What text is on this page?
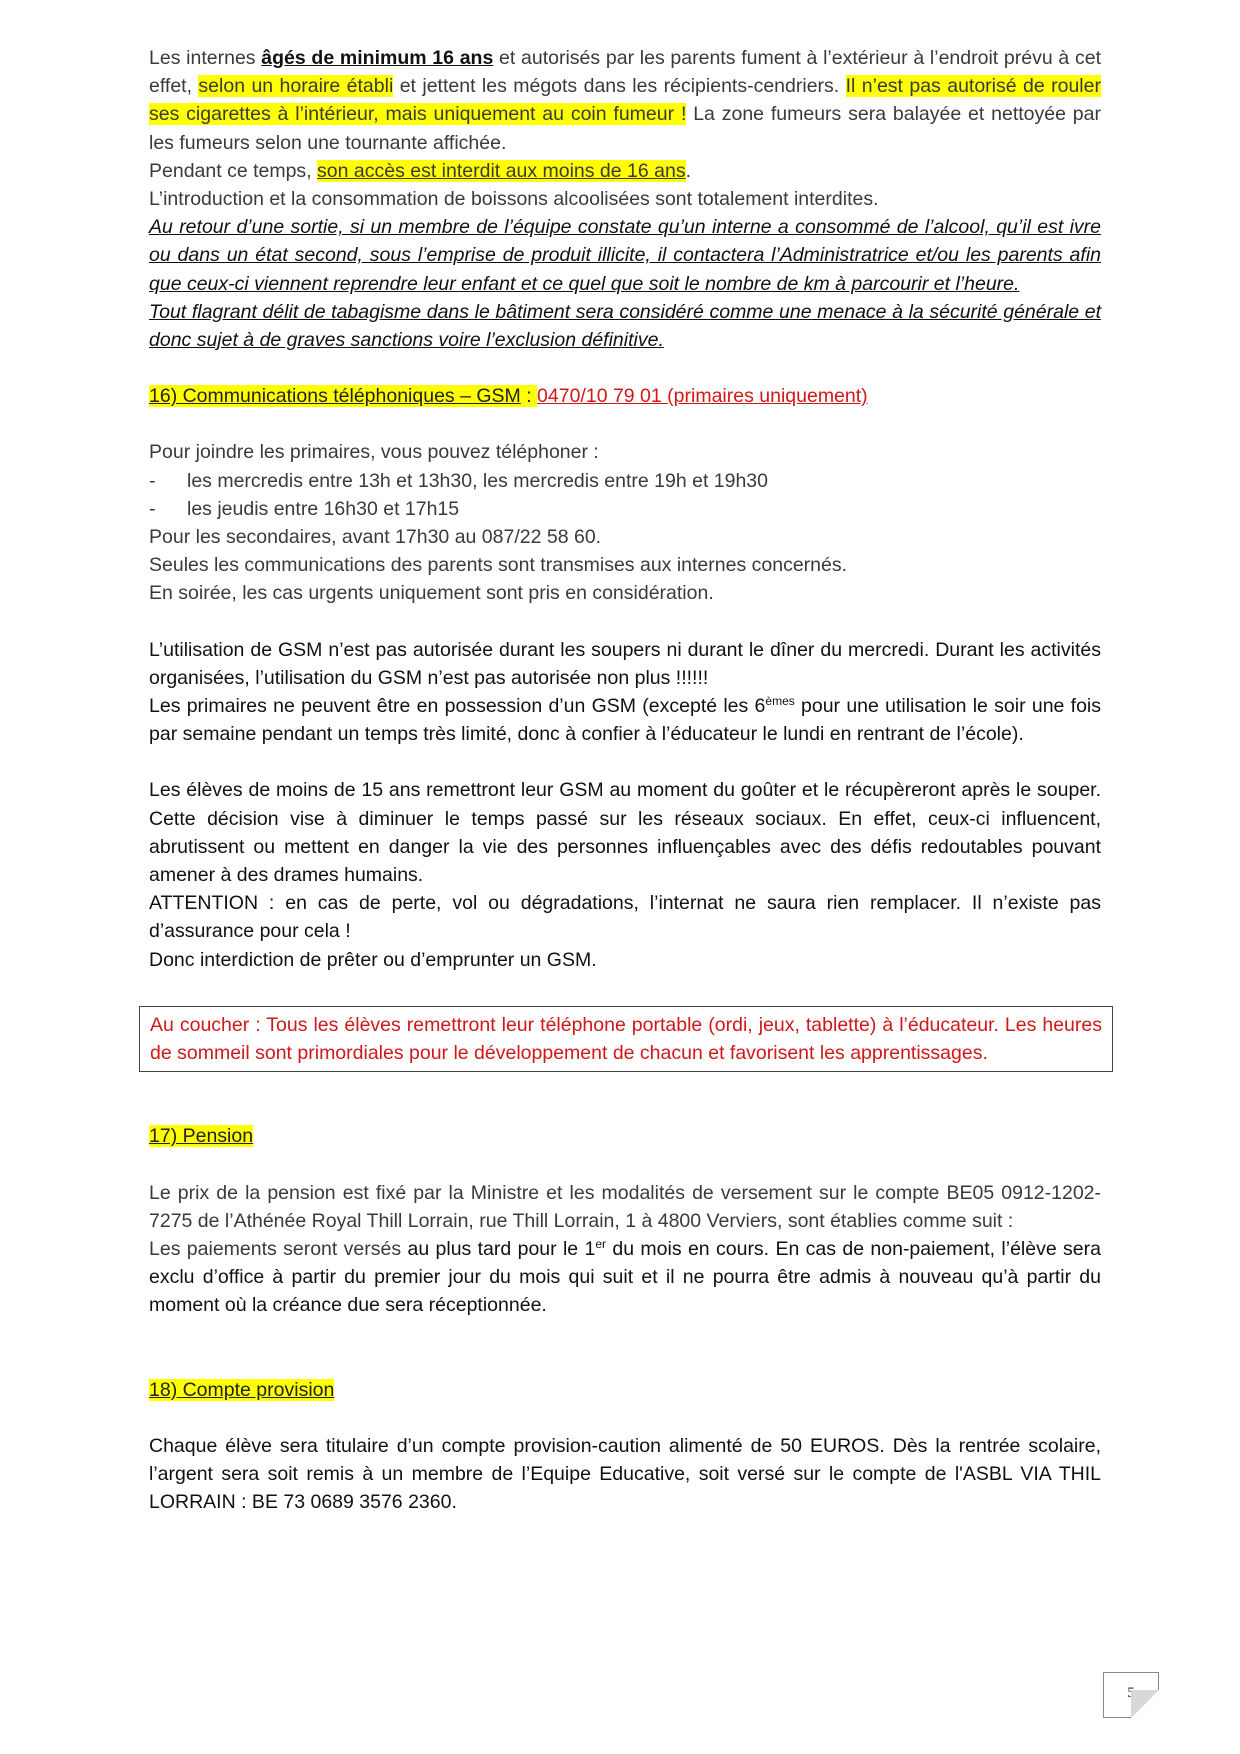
Les internes âgés de minimum 16 ans et autorisés par les parents fument à l’extérieur à l’endroit prévu à cet effet, selon un horaire établi et jettent les mégots dans les récipients-cendriers. Il n’est pas autorisé de rouler ses cigarettes à l’intérieur, mais uniquement au coin fumeur ! La zone fumeurs sera balayée et nettoyée par les fumeurs selon une tournante affichée.

Pendant ce temps, son accès est interdit aux moins de 16 ans.

L’introduction et la consommation de boissons alcoolisées sont totalement interdites.

Au retour d’une sortie, si un membre de l’équipe constate qu’un interne a consommé de l’alcool, qu’il est ivre ou dans un état second, sous l’emprise de produit illicite, il contactera l’Administratrice et/ou les parents afin que ceux-ci viennent reprendre leur enfant et ce quel que soit le nombre de km à parcourir et l’heure.

Tout flagrant délit de tabagisme dans le bâtiment sera considéré comme une menace à la sécurité générale et donc sujet à de graves sanctions voire l’exclusion définitive.

16) Communications téléphoniques – GSM : 0470/10 79 01 (primaires uniquement)

Pour joindre les primaires, vous pouvez téléphoner :

-	les mercredis entre 13h et 13h30, les mercredis entre 19h et 19h30

-	les jeudis entre 16h30 et 17h15

Pour les secondaires, avant 17h30 au 087/22 58 60.

Seules les communications des parents sont transmises aux internes concernés.

En soirée, les cas urgents uniquement sont pris en considération.

L’utilisation de GSM n’est pas autorisée durant les soupers ni durant le dîner du mercredi. Durant les activités organisées, l’utilisation du GSM n’est pas autorisée non plus !!!!!!

Les primaires ne peuvent être en possession d’un GSM (excepté les 6èmes pour une utilisation le soir une fois par semaine pendant un temps très limité, donc à confier à l’éducateur le lundi en rentrant de l’école).

Les élèves de moins de 15 ans remettront leur GSM au moment du goûter et le récupèreront après le souper. Cette décision vise à diminuer le temps passé sur les réseaux sociaux. En effet, ceux-ci influencent, abrutissent ou mettent en danger la vie des personnes influençables avec des défis redoutables pouvant amener à des drames humains.

ATTENTION : en cas de perte, vol ou dégradations, l’internat ne saura rien remplacer. Il n’existe pas d’assurance pour cela !

Donc interdiction de prêter ou d’emprunter un GSM.

Au coucher : Tous les élèves remettront leur téléphone portable (ordi, jeux, tablette) à l’éducateur. Les heures de sommeil sont primordiales pour le développement de chacun et favorisent les apprentissages.

17) Pension

Le prix de la pension est fixé par la Ministre et les modalités de versement sur le compte BE05 0912-1202-7275 de l’Athénée Royal Thill Lorrain, rue Thill Lorrain, 1 à 4800 Verviers, sont établies comme suit :

Les paiements seront versés au plus tard pour le 1er du mois en cours. En cas de non-paiement, l’élève sera exclu d’office à partir du premier jour du mois qui suit et il ne pourra être admis à nouveau qu’à partir du moment où la créance due sera réceptionnée.

18) Compte provision

Chaque élève sera titulaire d’un compte provision-caution alimenté de 50 EUROS. Dès la rentrée scolaire, l’argent sera soit remis à un membre de l’Equipe Educative, soit versé sur le compte de l'ASBL VIA THIL LORRAIN : BE 73 0689 3576 2360.

5
